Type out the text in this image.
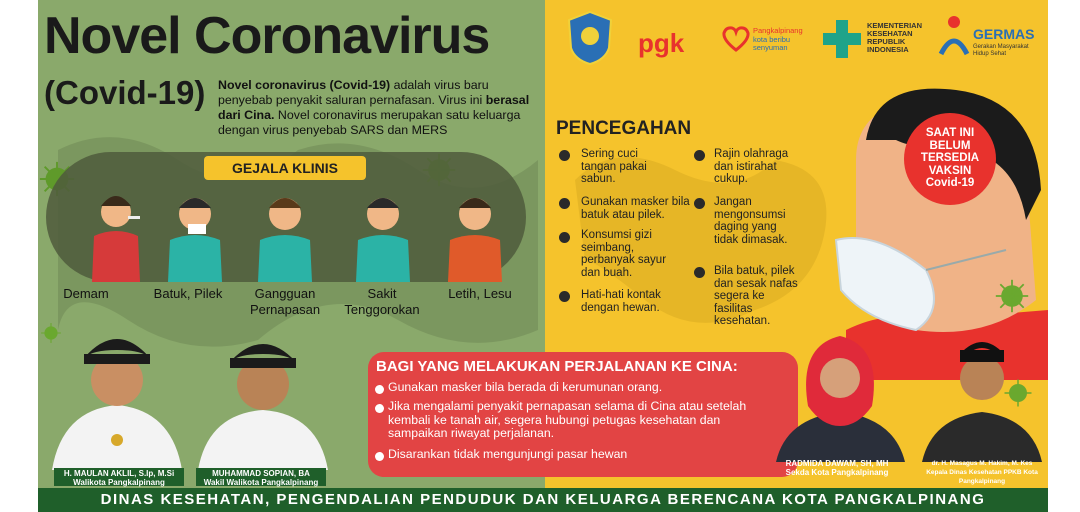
Novel Coronavirus
(Covid-19) Novel coronavirus (Covid-19) adalah virus baru penyebab penyakit saluran pernafasan. Virus ini berasal dari Cina. Novel coronavirus merupakan satu keluarga dengan virus penyebab SARS dan MERS
GEJALA KLINIS
Demam	Batuk, Pilek	Gangguan Pernapasan
Sakit Tenggorokan
Letih, Lesu
H. MAULAN AKLIL, S.Ip, M.Si
Walikota Pangkalpinang
MUHAMMAD SOPIAN, BA
Wakil Walikota Pangkalpinang
pgk	Pangkalpinang
kota beribu senyuman
KEMENTERIAN KESEHATAN REPUBLIK INDONESIA
GERMAS
Gerakan Masyarakat Hidup Sehat
SAAT INI
BELUM
TERSEDIA
VAKSIN
Covid-19
PENCEGAHAN
Sering cuci tangan pakai sabun.
Gunakan masker bila batuk atau pilek.
Konsumsi gizi seimbang, perbanyak sayur dan buah.
Hati-hati kontak dengan hewan.
Rajin olahraga dan istirahat cukup.
Jangan mengonsumsi daging yang tidak dimasak.
Bila batuk, pilek dan sesak nafas segera ke fasilitas kesehatan.
BAGI YANG MELAKUKAN PERJALANAN KE CINA:
Gunakan masker bila berada di kerumunan orang.
Jika mengalami penyakit pernapasan selama di Cina atau setelah kembali ke tanah air, segera hubungi petugas kesehatan dan sampaikan riwayat perjalanan.
Disarankan tidak mengunjungi pasar hewan
RADMIDA DAWAM, SH, MH
Sekda Kota Pangkalpinang
dr. H. Masagus M. Hakim, M. Kes
Kepala Dinas Kesehatan PPKB Kota Pangkalpinang
DINAS KESEHATAN, PENGENDALIAN PENDUDUK DAN KELUARGA BERENCANA KOTA PANGKALPINANG
